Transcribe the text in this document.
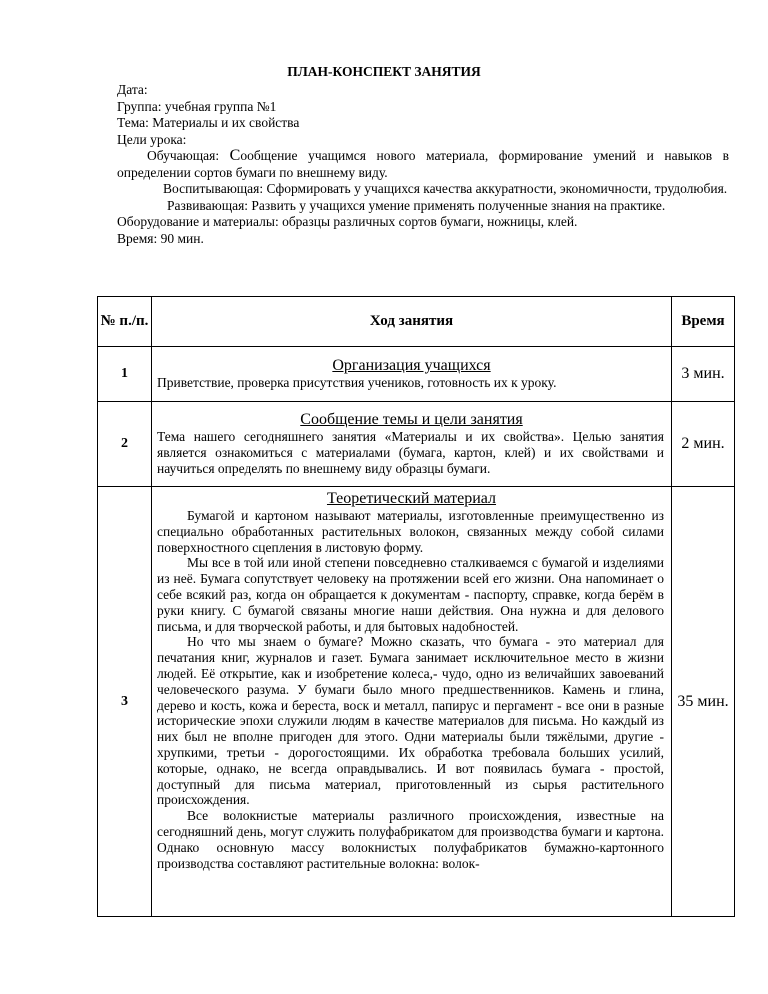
ПЛАН-КОНСПЕКТ ЗАНЯТИЯ

Дата:

Группа: учебная группа №1

Тема: Материалы и их свойства

Цели урока:

Обучающая: Сообщение учащимся нового материала, формирование умений и навыков в определении сортов бумаги по внешнему виду.

Воспитывающая: Сформировать у учащихся качества аккуратности, экономичности, трудолюбия.

Развивающая: Развить у учащихся умение применять полученные знания на практике.

Оборудование и материалы: образцы различных сортов бумаги, ножницы, клей.

Время: 90 мин.

№ п./п.	Ход занятия	Время
1	Организация учащихся

Приветствие, проверка присутствия учеников, готовность их к уроку.	3 мин.
2	Сообщение темы и цели занятия

Тема нашего сегодняшнего занятия «Материалы и их свойства». Целью занятия является ознакомиться с материалами (бумага, картон, клей) и их свойствами и научиться определять по внешнему виду образцы бумаги.	2 мин.
3	Теоретический материал

Бумагой и картоном называют материалы, изготовленные преимущественно из специально обработанных растительных волокон, связанных между собой силами поверхностного сцепления в листовую форму.

Мы все в той или иной степени повседневно сталкиваемся с бумагой и изделиями из неё. Бумага сопутствует человеку на протяжении всей его жизни. Она напоминает о себе всякий раз, когда он обращается к документам - паспорту, справке, когда берём в руки книгу. С бумагой связаны многие наши действия. Она нужна и для делового письма, и для творческой работы, и для бытовых надобностей.

Но что мы знаем о бумаге? Можно сказать, что бумага - это материал для печатания книг, журналов и газет. Бумага занимает исключительное место в жизни людей. Её открытие, как и изобретение колеса,- чудо, одно из величайших завоеваний человеческого разума. У бумаги было много предшественников. Камень и глина, дерево и кость, кожа и береста, воск и металл, папирус и пергамент - все они в разные исторические эпохи служили людям в качестве материалов для письма. Но каждый из них был не вполне пригоден для этого. Одни материалы были тяжёлыми, другие - хрупкими, третьи - дорогостоящими. Их обработка требовала больших усилий, которые, однако, не всегда оправдывались. И вот появилась бумага - простой, доступный для письма материал, приготовленный из сырья растительного происхождения.

Все волокнистые материалы различного происхождения, известные на сегодняшний день, могут служить полуфабрикатом для производства бумаги и картона. Однако основную массу волокнистых полуфабрикатов бумажно-картонного производства составляют растительные волокна: волок-	35 мин.
